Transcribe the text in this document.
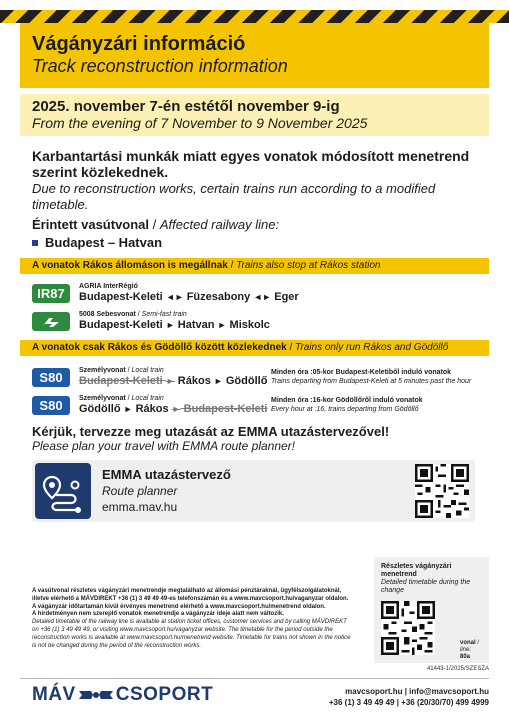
Vágányzári információ
Track reconstruction information
2025. november 7-én estétől november 9-ig
From the evening of 7 November to 9 November 2025
Karbantartási munkák miatt egyes vonatok módosított menetrend szerint közlekednek.
Due to reconstruction works, certain trains run according to a modified timetable.
Érintett vasútvonal / Affected railway line:
Budapest – Hatvan
A vonatok Rákos állomáson is megállnak / Trains also stop at Rákos station
IR87	AGRIA InterRégió
Budapest-Keleti ◄► Füzesabony ◄► Eger
5008 Sebesvonat / Semi-fast train
Budapest-Keleti ► Hatvan ► Miskolc
A vonatok csak Rákos és Gödöllő között közlekednek / Trains only run Rákos and Gödöllő
S80	Személyvonat / Local train
Budapest-Keleti ► Rákos ► Gödöllő
Minden óra :05-kor Budapest-Keletiből induló vonatok
Trains departing from Budapest-Keleti at 5 minutes past the hour
S80	Személyvonat / Local train
Gödöllő ► Rákos ► Budapest-Keleti
Minden óra :16-kor Gödöllőről induló vonatok
Every hour at :16, trains departing from Gödöllő
Kérjük, tervezze meg utazását az EMMA utazástervezővel!
Please plan your travel with EMMA route planner!
EMMA utazástervező
Route planner
emma.mav.hu
A vasútvonal részletes vágányzári menetrendje megtalálható az állomási pénztáraknál, ügyfélszolgálatoknál, illetve elérhető a MÁVDIREKT +36 (1) 3 49 49 49-es telefonszámán és a www.mavcsoport.hu/vaganyzar oldalon.
A vágányzár időtartamán kívül érvényes menetrend elérhető a www.mavcsoport.hu/menetrend oldalon.
A hirdetményen nem szereplő vonatok menetrendje a vágányzár ideje alatt nem változik.
Detailed timetable of the railway line is available at station ticket offices, customer services and by calling MÁVDIREKT on +36 (1) 3 49 49 49, or visiting www.mavcsoport.hu/vaganyzar website. The timetable for the period outside the reconstruction works is available at www.mavcsoport.hu/menetrend website. Timetable for trains not shown in the notice is not be changed during the period of the reconstruction works.
Részletes vágányzári menetrend
Detailed timetable during the change
vonal / line:
80a
41443-1/2025/SZESZA
MÁV CSOPORT	mavcsoport.hu | info@mavcsoport.hu
+36 (1) 3 49 49 49 | +36 (20/30/70) 499 4999
